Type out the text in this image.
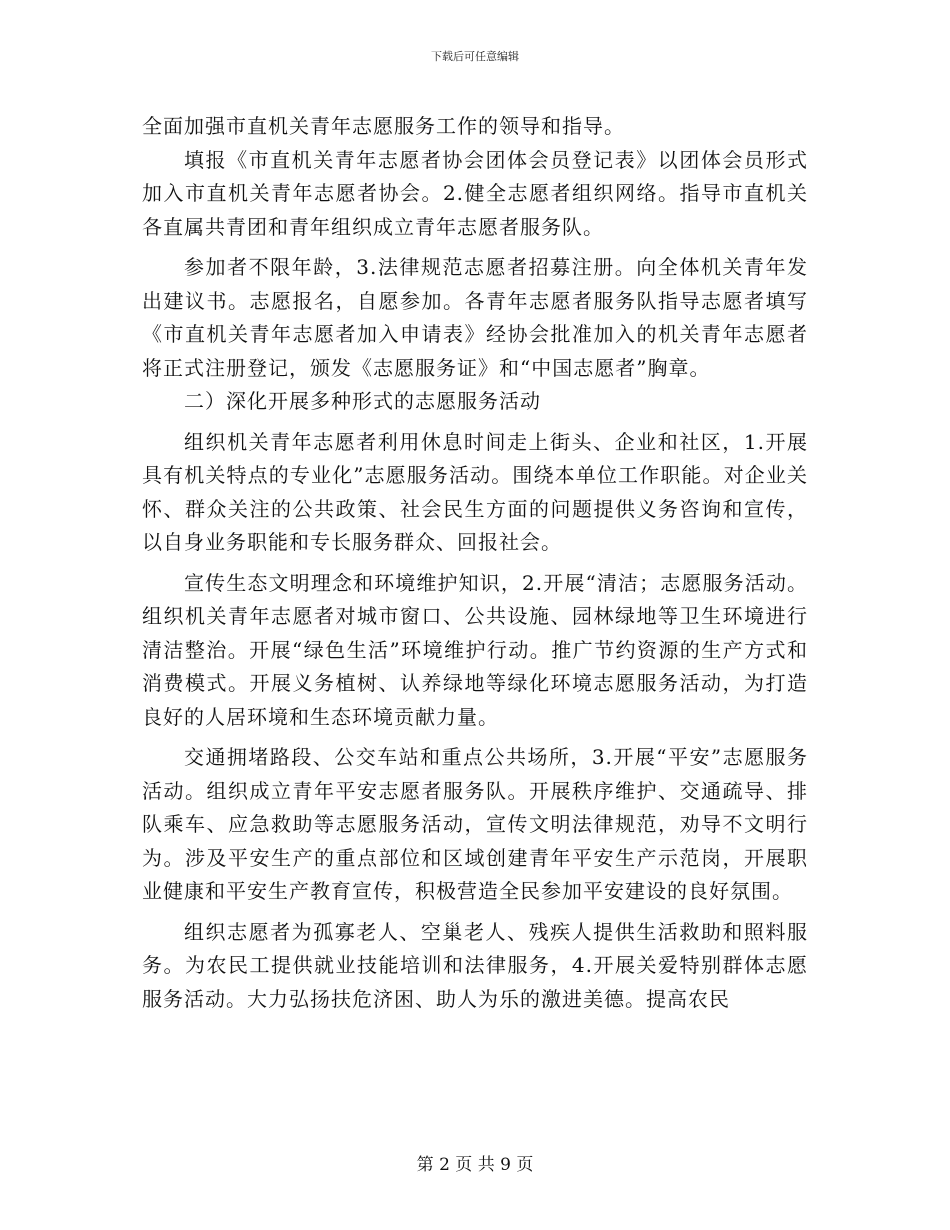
下载后可任意编辑

全面加强市直机关青年志愿服务工作的领导和指导。

填报《市直机关青年志愿者协会团体会员登记表》以团体会员形式加入市直机关青年志愿者协会。2.健全志愿者组织网络。指导市直机关各直属共青团和青年组织成立青年志愿者服务队。

参加者不限年龄，3.法律规范志愿者招募注册。向全体机关青年发出建议书。志愿报名，自愿参加。各青年志愿者服务队指导志愿者填写《市直机关青年志愿者加入申请表》经协会批准加入的机关青年志愿者将正式注册登记，颁发《志愿服务证》和“中国志愿者”胸章。

二）深化开展多种形式的志愿服务活动

组织机关青年志愿者利用休息时间走上街头、企业和社区，1.开展具有机关特点的专业化”志愿服务活动。围绕本单位工作职能。对企业关怀、群众关注的公共政策、社会民生方面的问题提供义务咨询和宣传，以自身业务职能和专长服务群众、回报社会。

宣传生态文明理念和环境维护知识，2.开展“清洁；志愿服务活动。组织机关青年志愿者对城市窗口、公共设施、园林绿地等卫生环境进行清洁整治。开展“绿色生活”环境维护行动。推广节约资源的生产方式和消费模式。开展义务植树、认养绿地等绿化环境志愿服务活动，为打造良好的人居环境和生态环境贡献力量。

交通拥堵路段、公交车站和重点公共场所，3.开展“平安”志愿服务活动。组织成立青年平安志愿者服务队。开展秩序维护、交通疏导、排队乘车、应急救助等志愿服务活动，宣传文明法律规范，劝导不文明行为。涉及平安生产的重点部位和区域创建青年平安生产示范岗，开展职业健康和平安生产教育宣传，积极营造全民参加平安建设的良好氛围。

组织志愿者为孤寡老人、空巢老人、残疾人提供生活救助和照料服务。为农民工提供就业技能培训和法律服务，4.开展关爱特别群体志愿服务活动。大力弘扬扶危济困、助人为乐的激进美德。提高农民

第 2 页 共 9 页
